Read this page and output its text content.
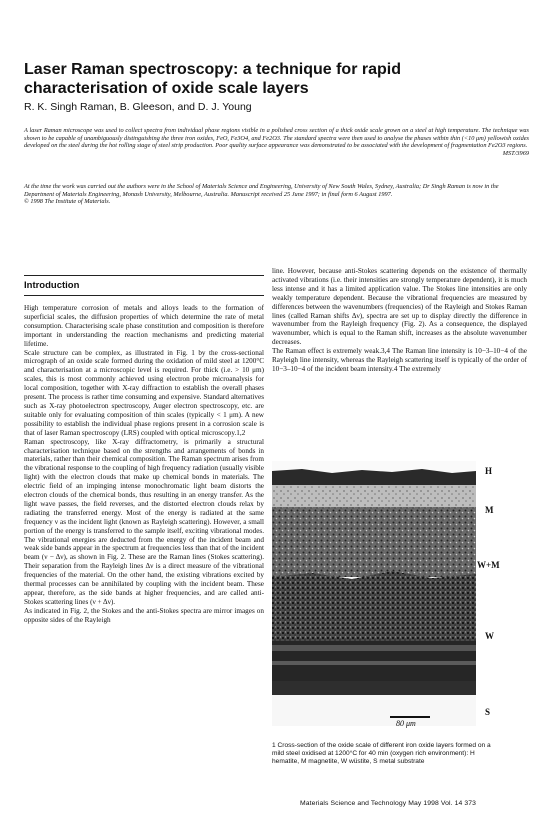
Laser Raman spectroscopy: a technique for rapid characterisation of oxide scale layers

R. K. Singh Raman, B. Gleeson, and D. J. Young

A laser Raman microscope was used to collect spectra from individual phase regions visible in a polished cross section of a thick oxide scale grown on a steel at high temperature. The technique was shown to be capable of unambiguously distinguishing the three iron oxides, FeO, Fe3O4, and Fe2O3. The standard spectra were then used to analyse the phases within thin (<10 μm) yellowish oxides developed on the steel during the hot rolling stage of steel strip production. Poor quality surface appearance was demonstrated to be associated with the development of fragmentation Fe2O3 regions.
MST/3969
At the time the work was carried out the authors were in the School of Materials Science and Engineering, University of New South Wales, Sydney, Australia; Dr Singh Raman is now in the Department of Materials Engineering, Monash University, Melbourne, Australia. Manuscript received 25 June 1997; in final form 6 August 1997.
© 1998 The Institute of Materials.
Introduction

High temperature corrosion of metals and alloys leads to the formation of superficial scales, the diffusion properties of which determine the rate of metal consumption. Characterising scale phase constitution and composition is therefore important in understanding the reaction mechanisms and predicting material lifetime.

Scale structure can be complex, as illustrated in Fig. 1 by the cross-sectional micrograph of an oxide scale formed during the oxidation of mild steel at 1200°C and characterisation at a microscopic level is required. For thick (i.e. > 10 μm) scales, this is most commonly achieved using electron probe microanalysis for local composition, together with X-ray diffraction to establish the overall phases present. The process is rather time consuming and expensive. Standard alternatives such as X-ray photoelectron spectroscopy, Auger electron spectroscopy, etc. are suitable only for evaluating composition of thin scales (typically < 1 μm). A new possibility to establish the individual phase regions present in a corrosion scale is that of laser Raman spectroscopy (LRS) coupled with optical microscopy.1,2

Raman spectroscopy, like X-ray diffractometry, is primarily a structural characterisation technique based on the strengths and arrangements of bonds in materials, rather than their chemical composition. The Raman spectrum arises from the vibrational response to the coupling of high frequency radiation (usually visible light) with the electron clouds that make up chemical bonds in materials. The electric field of an impinging intense monochromatic light beam distorts the electron clouds of the chemical bonds, thus resulting in an energy transfer. As the light wave passes, the field reverses, and the distorted electron clouds relax by radiating the transferred energy. Most of the energy is radiated at the same frequency ν as the incident light (known as Rayleigh scattering). However, a small portion of the energy is transferred to the sample itself, exciting vibrational modes. The vibrational energies are deducted from the energy of the incident beam and weak side bands appear in the spectrum at frequencies less than that of the incident beam (ν − Δν), as shown in Fig. 2. These are the Raman lines (Stokes scattering). Their separation from the Rayleigh lines Δν is a direct measure of the vibrational frequencies of the material. On the other hand, the existing vibrations excited by thermal processes can be annihilated by coupling with the incident beam. These appear, therefore, as the side bands at higher frequencies, and are called anti-Stokes scattering lines (ν + Δν).

As indicated in Fig. 2, the Stokes and the anti-Stokes spectra are mirror images on opposite sides of the Rayleigh

line. However, because anti-Stokes scattering depends on the existence of thermally activated vibrations (i.e. their intensities are strongly temperature dependent), it is much less intense and it has a limited application value. The Stokes line intensities are only weakly temperature dependent. Because the vibrational frequencies are measured by differences between the wavenumbers (frequencies) of the Rayleigh and Stokes Raman lines (called Raman shifts Δν), spectra are set up to display directly the difference in wavenumber from the Rayleigh frequency (Fig. 2). As a consequence, the displayed wavenumber, which is equal to the Raman shift, increases as the absolute wavenumber decreases.

The Raman effect is extremely weak.3,4 The Raman line intensity is 10−3–10−4 of the Rayleigh line intensity, whereas the Rayleigh scattering itself is typically of the order of 10−3–10−4 of the incident beam intensity.4 The extremely

H
M
W+M
W
S
80 μm

1 Cross-section of the oxide scale of different iron oxide layers formed on a mild steel oxidised at 1200°C for 40 min (oxygen rich environment): H hematite, M magnetite, W wüstite, S metal substrate

Materials Science and Technology May 1998 Vol. 14 373
